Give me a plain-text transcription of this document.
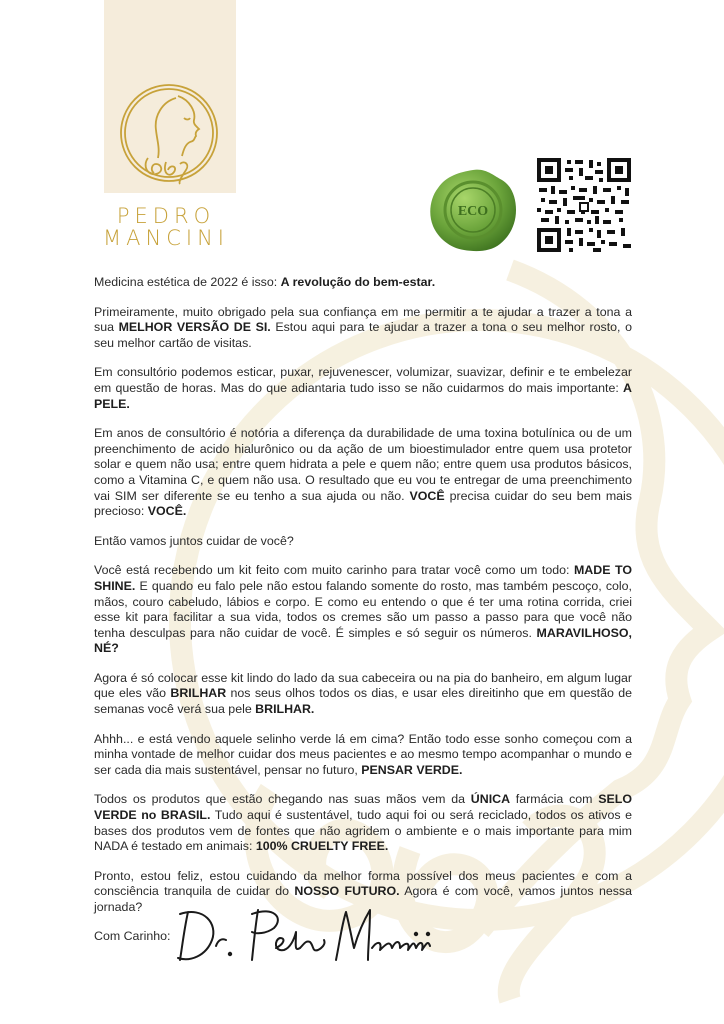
PEDRO
MANCINI
ECO

Medicina estética de 2022 é isso: A revolução do bem-estar.

Primeiramente, muito obrigado pela sua confiança em me permitir a te ajudar a trazer a tona a sua MELHOR VERSÃO DE SI. Estou aqui para te ajudar a trazer a tona o seu melhor rosto, o seu melhor cartão de visitas.

Em consultório podemos esticar, puxar, rejuvenescer, volumizar, suavizar, definir e te embelezar em questão de horas. Mas do que adiantaria tudo isso se não cuidarmos do mais importante: A PELE.

Em anos de consultório é notória a diferença da durabilidade de uma toxina botulínica ou de um preenchimento de acido hialurônico ou da ação de um bioestimulador entre quem usa protetor solar e quem não usa; entre quem hidrata a pele e quem não; entre quem usa produtos básicos, como a Vitamina C, e quem não usa. O resultado que eu vou te entregar de uma preenchimento vai SIM ser diferente se eu tenho a sua ajuda ou não. VOCÊ precisa cuidar do seu bem mais precioso: VOCÊ.

Então vamos juntos cuidar de você?

Você está recebendo um kit feito com muito carinho para tratar você como um todo: MADE TO SHINE. E quando eu falo pele não estou falando somente do rosto, mas também pescoço, colo, mãos, couro cabeludo, lábios e corpo. E como eu entendo o que é ter uma rotina corrida, criei esse kit para facilitar a sua vida, todos os cremes são um passo a passo para que você não tenha desculpas para não cuidar de você. É simples e só seguir os números. MARAVILHOSO, NÉ?

Agora é só colocar esse kit lindo do lado da sua cabeceira ou na pia do banheiro, em algum lugar que eles vão BRILHAR nos seus olhos todos os dias, e usar eles direitinho que em questão de semanas você verá sua pele BRILHAR.

Ahhh... e está vendo aquele selinho verde lá em cima? Então todo esse sonho começou com a minha vontade de melhor cuidar dos meus pacientes e ao mesmo tempo acompanhar o mundo e ser cada dia mais sustentável, pensar no futuro, PENSAR VERDE.

Todos os produtos que estão chegando nas suas mãos vem da ÚNICA farmácia com SELO VERDE no BRASIL. Tudo aqui é sustentável, tudo aqui foi ou será reciclado, todos os ativos e bases dos produtos vem de fontes que não agridem o ambiente e o mais importante para mim NADA é testado em animais: 100% CRUELTY FREE.

Pronto, estou feliz, estou cuidando da melhor forma possível dos meus pacientes e com a consciência tranquila de cuidar do NOSSO FUTURO. Agora é com você, vamos juntos nessa jornada?

Com Carinho:
